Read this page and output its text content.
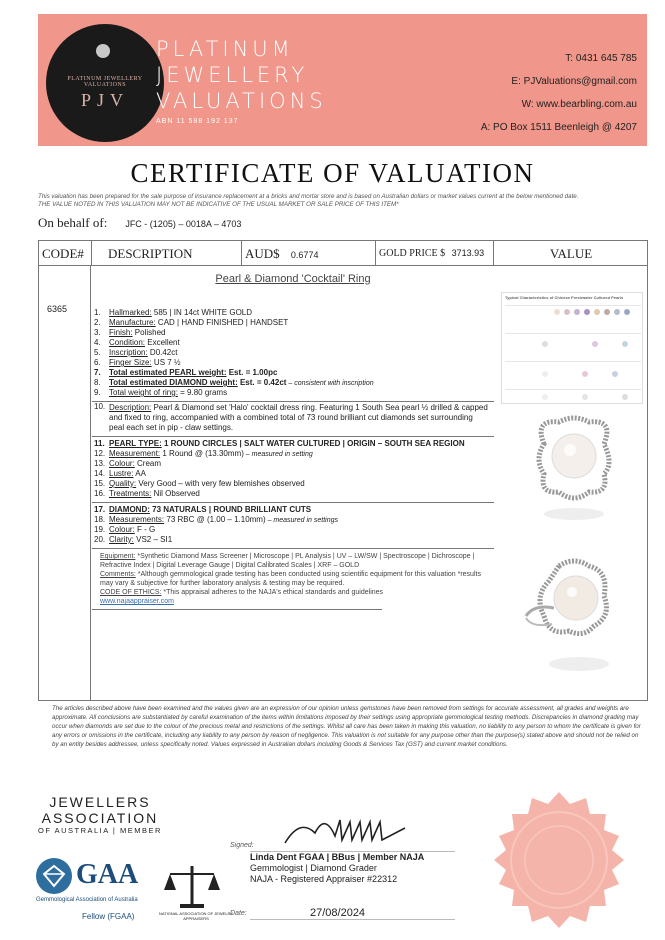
PLATINUM JEWELLERY VALUATIONS
PJV
PLATINUM
JEWELLERY
VALUATIONS
ABN 11 588 192 137
T: 0431 645 785
E: PJValuations@gmail.com
W: www.bearbling.com.au
A: PO Box 1511 Beenleigh @ 4207
CERTIFICATE OF VALUATION
This valuation has been prepared for the sale purpose of insurance replacement at a bricks and mortar store and is based on Australian dollars or market values current at the below mentioned date.
THE VALUE NOTED IN THIS VALUATION MAY NOT BE INDICATIVE OF THE USUAL MARKET OR SALE PRICE OF THIS ITEM*
On behalf of: JFC - (1205) – 0018A – 4703
CODE#	DESCRIPTION	AUD$ 0.6774	GOLD PRICE $ 3713.93	VALUE
6365
Pearl & Diamond 'Cocktail' Ring
1. Hallmarked: 585 | IN 14ct WHITE GOLD
2. Manufacture: CAD | HAND FINISHED | HANDSET
3. Finish: Polished
4. Condition: Excellent
5. Inscription: D0.42ct
6. Finger Size: US 7 ½
7. Total estimated PEARL weight: Est. = 1.00pc
8. Total estimated DIAMOND weight: Est. = 0.42ct – consistent with inscription
9. Total weight of ring: = 9.80 grams
10. Description: Pearl & Diamond set 'Halo' cocktail dress ring. Featuring 1 South Sea pearl ½ drilled & capped and fixed to ring, accompanied with a combined total of 73 round brilliant cut diamonds set surrounding peal each set in pip - claw settings.
11. PEARL TYPE: 1 ROUND CIRCLES | SALT WATER CULTURED | ORIGIN – SOUTH SEA REGION
12. Measurement: 1 Round @ (13.30mm) – measured in setting
13. Colour: Cream
14. Lustre: AA
15. Quality: Very Good – with very few blemishes observed
16. Treatments: Nil Observed
17. DIAMOND: 73 NATURALS | ROUND BRILLIANT CUTS
18. Measurements: 73 RBC @ (1.00 – 1.10mm) – measured in settings
19. Colour: F - G
20. Clarity: VS2 – SI1
Equipment: *Synthetic Diamond Mass Screener | Microscope | PL Analysis | UV – LW/SW | Spectroscope | Dichroscope | Refractive Index | Digital Leverage Gauge | Digital Calibrated Scales | XRF – GOLD
Comments: *Although gemmological grade testing has been conducted using scientific equipment for this valuation *results may vary & subjective for further laboratory analysis & testing may be required.
CODE OF ETHICS: *This appraisal adheres to the NAJA's ethical standards and guidelines
www.najaappraiser.com
Typical Characteristics of Chinese Freshwater Cultured Pearls
The articles described above have been examined and the values given are an expression of our opinion unless gemstones have been removed from settings for accurate assessment, all grades and weights are approximate. All conclusions are substantiated by careful examination of the items within limitations imposed by their settings using appropriate gemmological testing methods. Discrepancies in diamond grading may occur when diamonds are set due to the colour of the precious metal and restrictions of the settings. Whilst all care has been taken in making this valuation, no liability to any person to whom the certificate is given for any errors or omissions in the certificate, including any liability to any person by reason of negligence. This valuation is not suitable for any purpose other than the purpose(s) stated above and should not be relied on by an entity besides addressee, unless specifically noted. Values expressed in Australian dollars including Goods & Services Tax (GST) and current market conditions.
JEWELLERS
ASSOCIATION
OF AUSTRALIA | MEMBER
GAA
Gemmological Association of Australia
Fellow (FGAA)	NATIONAL ASSOCIATION OF JEWELRY APPRAISERS
Signed:
Linda Dent FGAA | BBus | Member NAJA
Gemmologist | Diamond Grader
NAJA - Registered Appraiser #22312
Date:	27/08/2024
